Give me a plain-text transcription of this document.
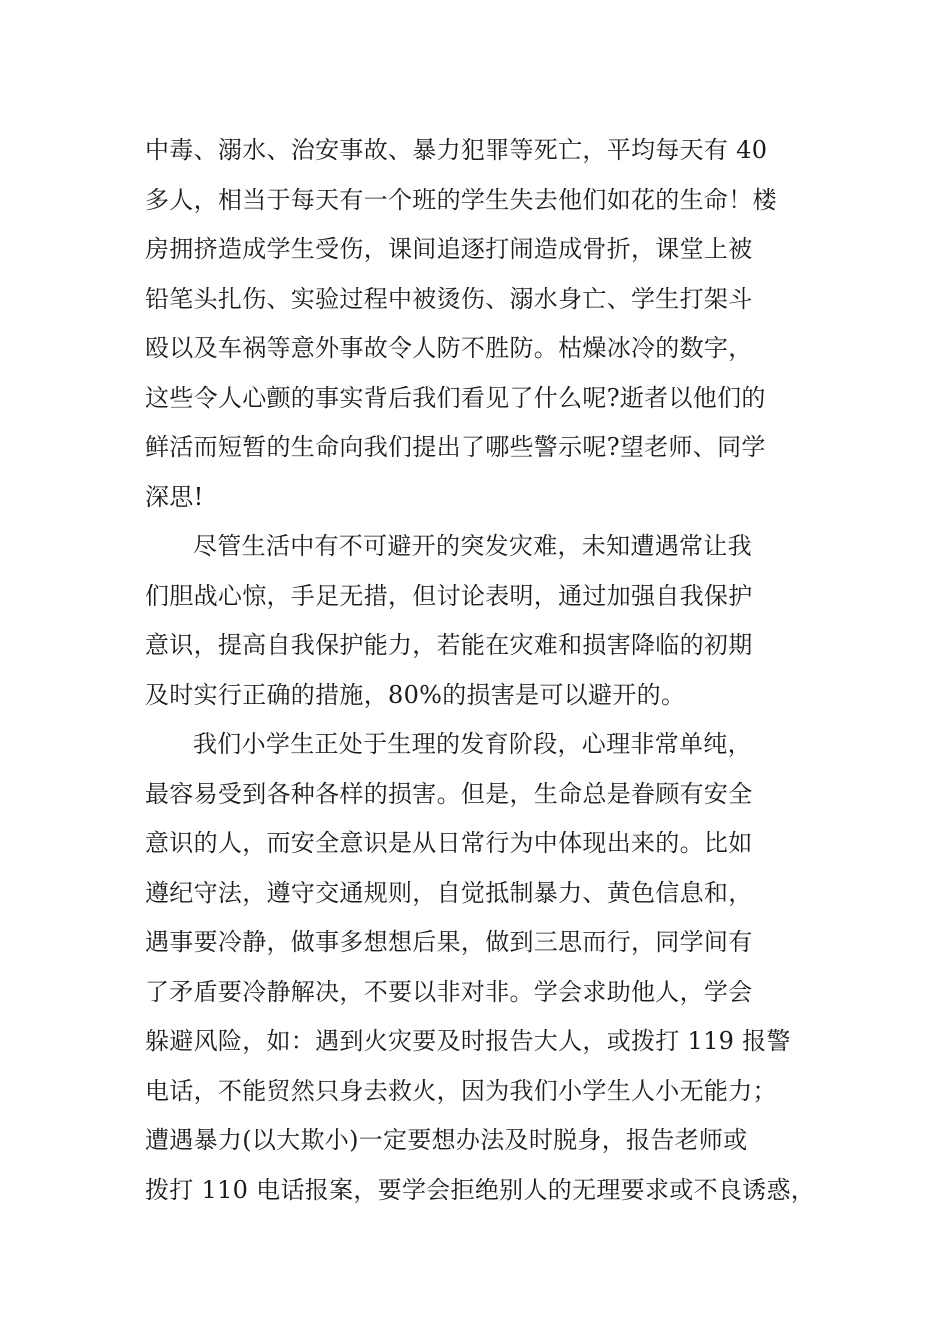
中毒、溺水、治安事故、暴力犯罪等死亡，平均每天有 40
多人，相当于每天有一个班的学生失去他们如花的生命！楼
房拥挤造成学生受伤，课间追逐打闹造成骨折，课堂上被
铅笔头扎伤、实验过程中被烫伤、溺水身亡、学生打架斗
殴以及车祸等意外事故令人防不胜防。枯燥冰冷的数字，
这些令人心颤的事实背后我们看见了什么呢?逝者以他们的
鲜活而短暂的生命向我们提出了哪些警示呢?望老师、同学
深思!
尽管生活中有不可避开的突发灾难，未知遭遇常让我
们胆战心惊，手足无措，但讨论表明，通过加强自我保护
意识，提高自我保护能力，若能在灾难和损害降临的初期
及时实行正确的措施，80%的损害是可以避开的。
我们小学生正处于生理的发育阶段，心理非常单纯，
最容易受到各种各样的损害。但是，生命总是眷顾有安全
意识的人，而安全意识是从日常行为中体现出来的。比如
遵纪守法，遵守交通规则，自觉抵制暴力、黄色信息和，
遇事要冷静，做事多想想后果，做到三思而行，同学间有
了矛盾要冷静解决，不要以非对非。学会求助他人，学会
躲避风险，如：遇到火灾要及时报告大人，或拨打 119 报警
电话，不能贸然只身去救火，因为我们小学生人小无能力；
遭遇暴力(以大欺小)一定要想办法及时脱身，报告老师或
拨打 110 电话报案，要学会拒绝别人的无理要求或不良诱惑，
